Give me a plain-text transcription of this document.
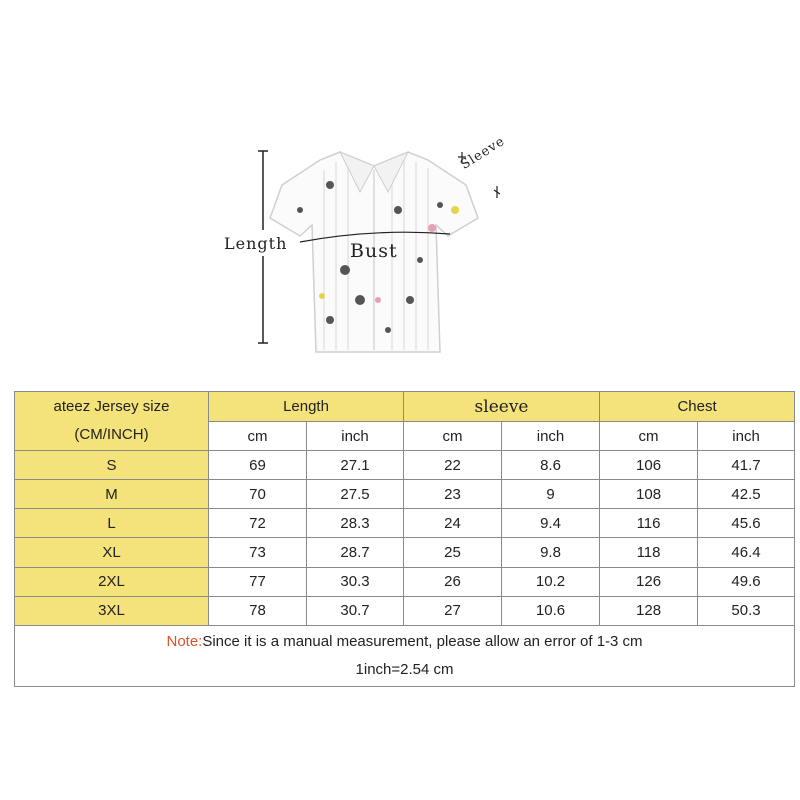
Length	Bust
Sleeve
ateez Jersey size
(CM/INCH)	Length		sleeve		Chest	
	cm	inch	cm	inch	cm	inch
S	69	27.1	22	8.6	106	41.7
M	70	27.5	23	9	108	42.5
L	72	28.3	24	9.4	116	45.6
XL	73	28.7	25	9.8	118	46.4
2XL	77	30.3	26	10.2	126	49.6
3XL	78	30.7	27	10.6	128	50.3

Note:Since it is a manual measurement, please allow an error of 1-3 cm
1inch=2.54 cm						
